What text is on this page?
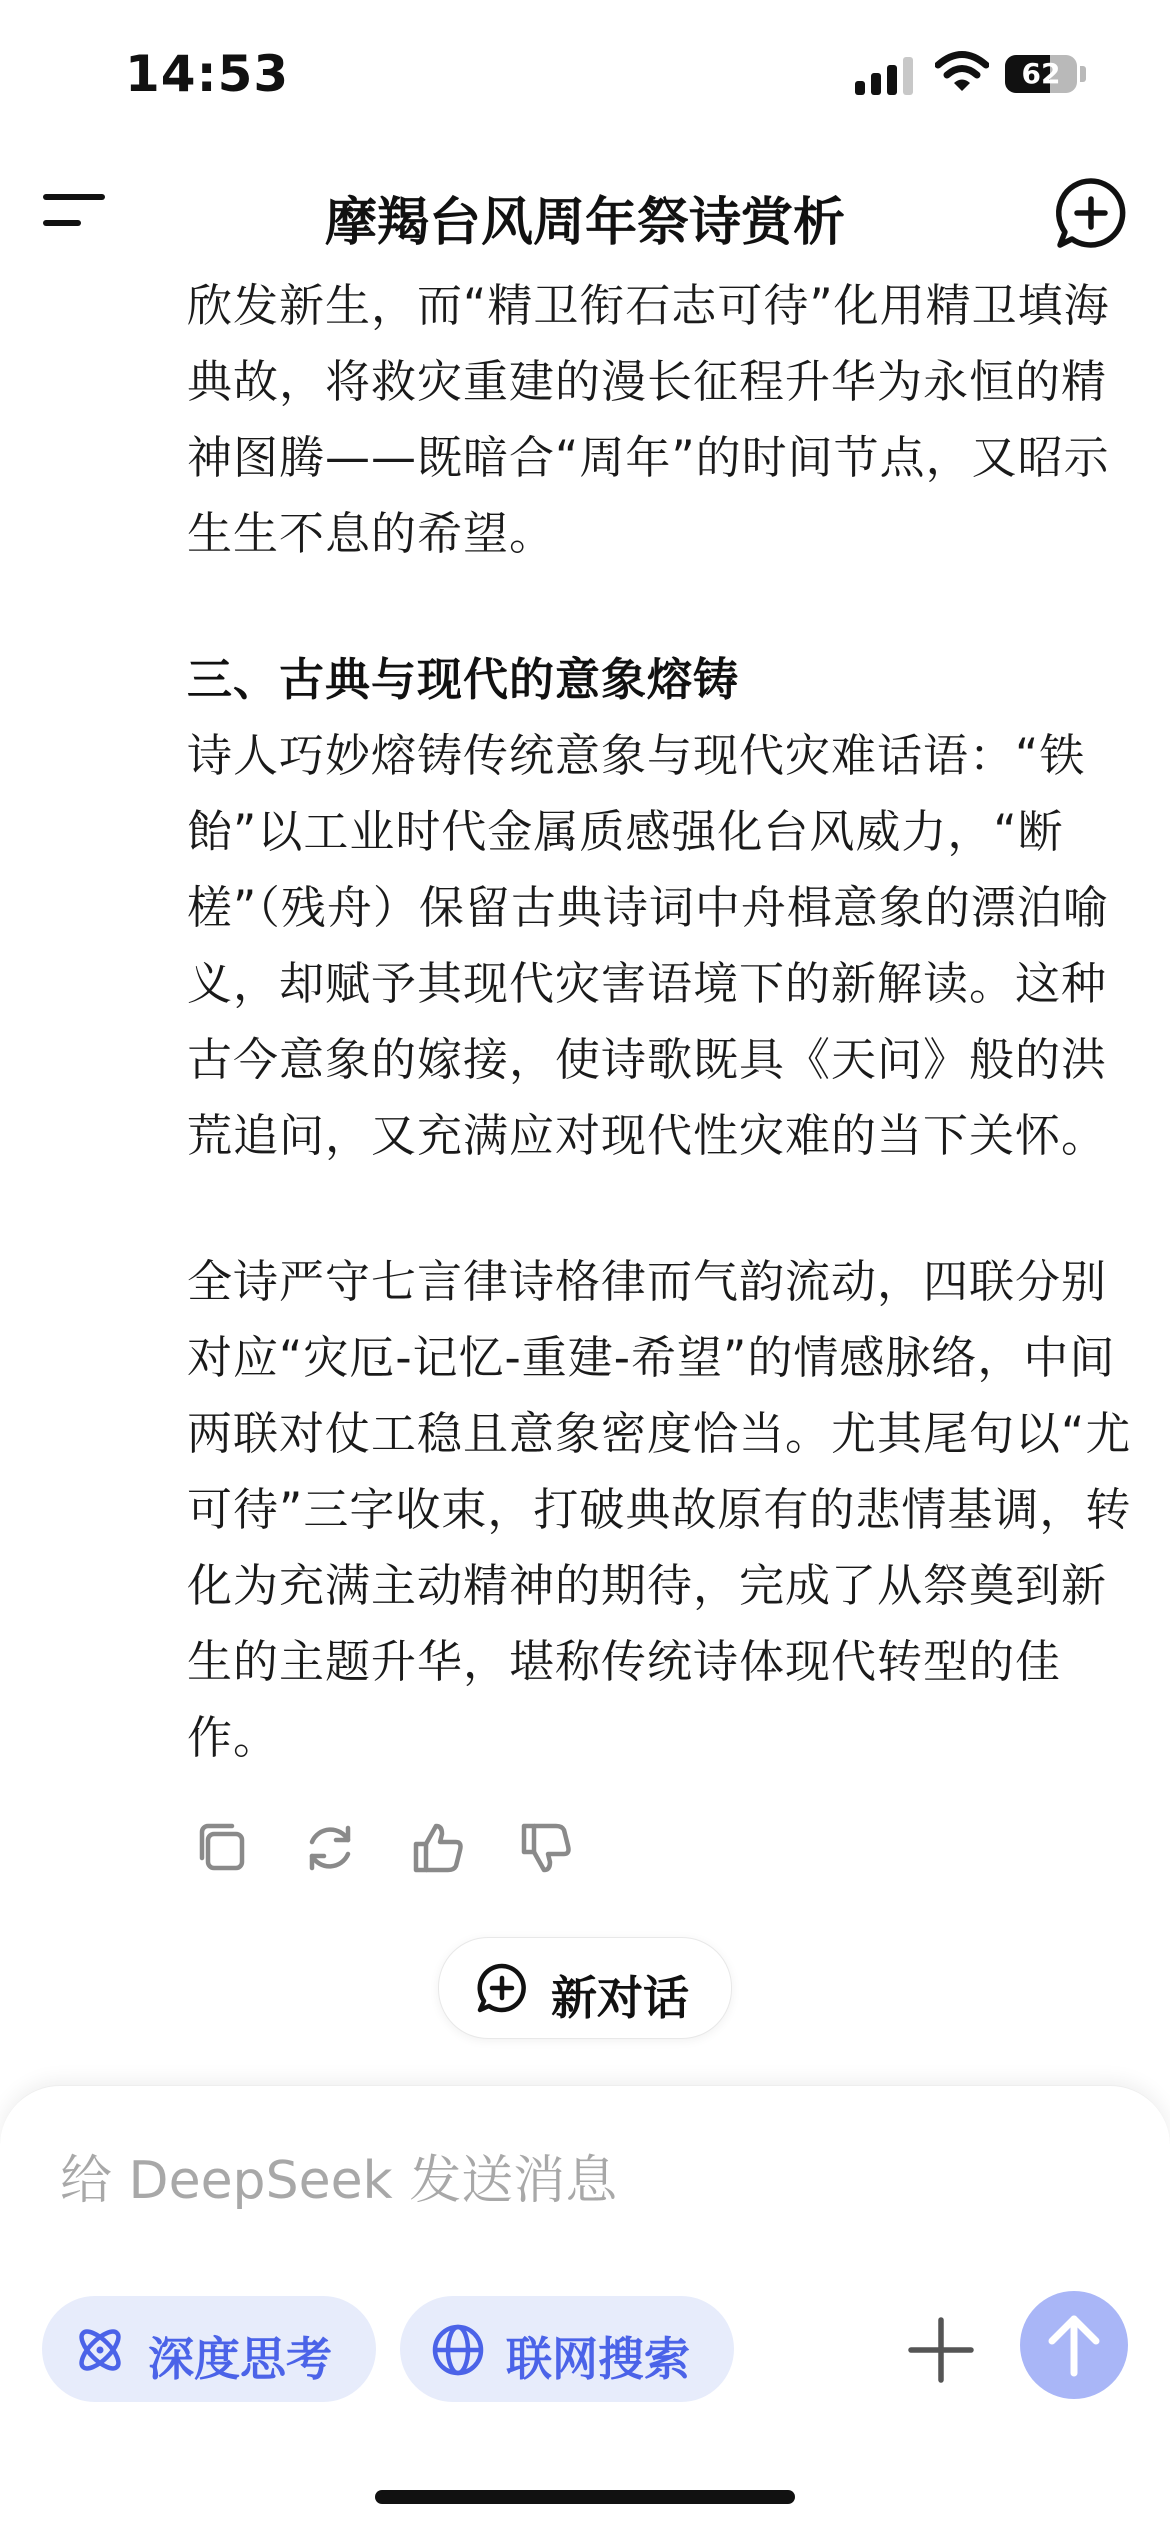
14:53	62
摩羯台风周年祭诗赏析

欣发新生，而“精卫衔石志可待”化用精卫填海典故，将救灾重建的漫长征程升华为永恒的精神图腾——既暗合“周年”的时间节点，又昭示生生不息的希望。

三、古典与现代的意象熔铸

诗人巧妙熔铸传统意象与现代灾难话语：“铁飴”以工业时代金属质感强化台风威力，“断槎”（残舟）保留古典诗词中舟楫意象的漂泊喻义，却赋予其现代灾害语境下的新解读。这种古今意象的嫁接，使诗歌既具《天问》般的洪荒追问，又充满应对现代性灾难的当下关怀。

全诗严守七言律诗格律而气韵流动，四联分别对应“灾厄-记忆-重建-希望”的情感脉络，中间两联对仗工稳且意象密度恰当。尤其尾句以“尤可待”三字收束，打破典故原有的悲情基调，转化为充满主动精神的期待，完成了从祭奠到新生的主题升华，堪称传统诗体现代转型的佳作。

新对话
给 DeepSeek 发送消息
深度思考	联网搜索
